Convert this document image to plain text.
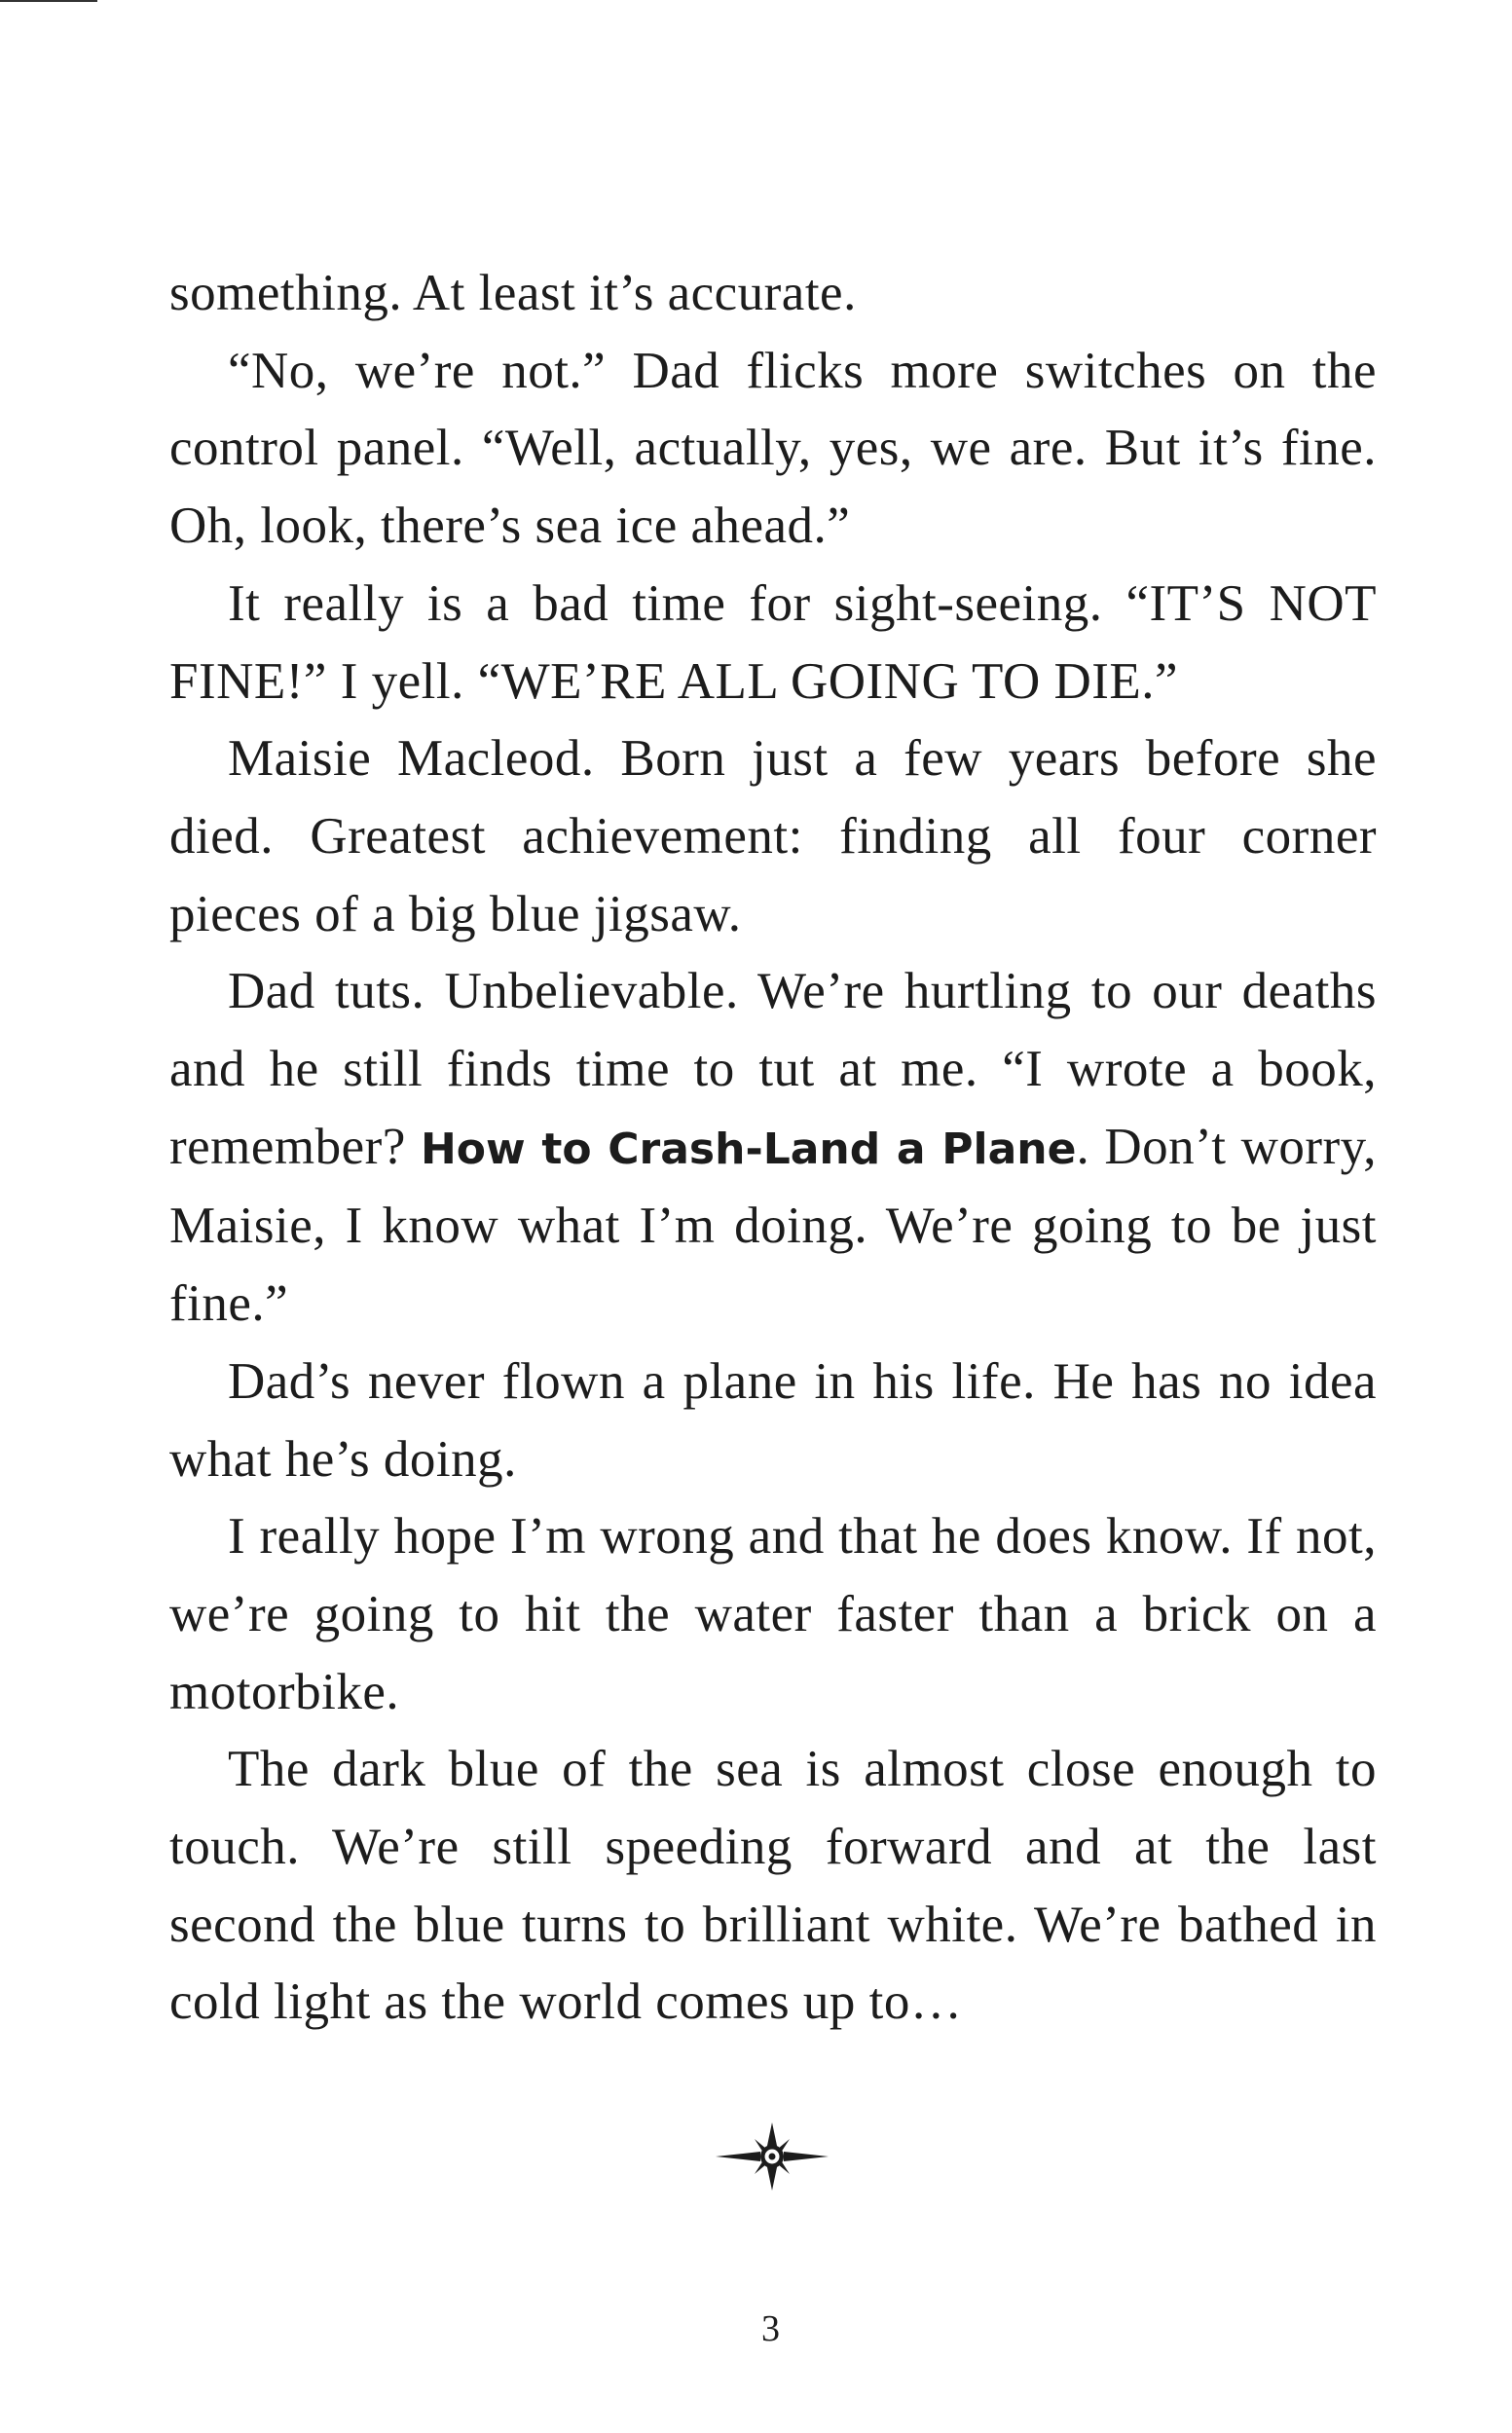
something. At least it’s accurate.

“No, we’re not.” Dad flicks more switches on the control panel. “Well, actually, yes, we are. But it’s fine. Oh, look, there’s sea ice ahead.”

It really is a bad time for sight-seeing. “IT’S NOT FINE!” I yell. “WE’RE ALL GOING TO DIE.”

Maisie Macleod. Born just a few years before she died. Greatest achievement: finding all four corner pieces of a big blue jigsaw.

Dad tuts. Unbelievable. We’re hurtling to our deaths and he still finds time to tut at me. “I wrote a book, remember? How to Crash-Land a Plane. Don’t worry, Maisie, I know what I’m doing. We’re going to be just fine.”

Dad’s never flown a plane in his life. He has no idea what he’s doing.

I really hope I’m wrong and that he does know. If not, we’re going to hit the water faster than a brick on a motorbike.

The dark blue of the sea is almost close enough to touch. We’re still speeding forward and at the last second the blue turns to brilliant white. We’re bathed in cold light as the world comes up to…

3
